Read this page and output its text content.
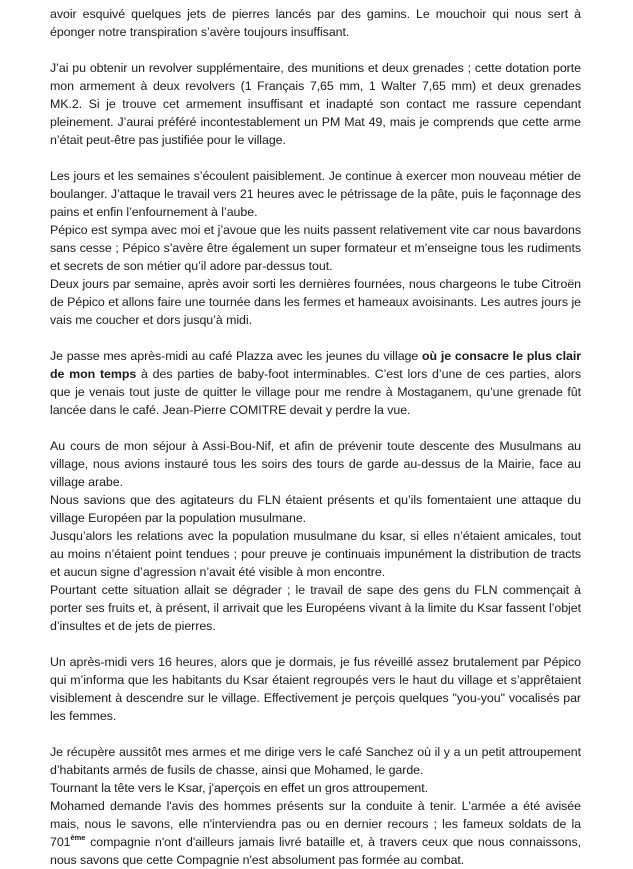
avoir esquivé quelques jets de pierres lancés par des gamins. Le mouchoir qui nous sert à éponger notre transpiration s’avère toujours insuffisant.

J’ai pu obtenir un revolver supplémentaire, des munitions et deux grenades ; cette dotation porte mon armement à deux revolvers (1 Français 7,65 mm, 1 Walter 7,65 mm) et deux grenades MK.2. Si je trouve cet armement insuffisant et inadapté son contact me rassure cependant pleinement. J’aurai préféré incontestablement un PM Mat 49, mais je comprends que cette arme n’était peut-être pas justifiée pour le village.

Les jours et les semaines s’écoulent paisiblement. Je continue à exercer mon nouveau métier de boulanger. J’attaque le travail vers 21 heures avec le pétrissage de la pâte, puis le façonnage des pains et enfin l’enfournement à l’aube.
Pépico est sympa avec moi et j’avoue que les nuits passent relativement vite car nous bavardons sans cesse ; Pépico s’avère être également un super formateur et m’enseigne tous les rudiments et secrets de son métier qu’il adore par-dessus tout.
Deux jours par semaine, après avoir sorti les dernières fournées, nous chargeons le tube Citroën de Pépico et allons faire une tournée dans les fermes et hameaux avoisinants. Les autres jours je vais me coucher et dors jusqu’à midi.

Je passe mes après-midi au café Plazza avec les jeunes du village où je consacre le plus clair de mon temps à des parties de baby-foot interminables. C’est lors d’une de ces parties, alors que je venais tout juste de quitter le village pour me rendre à Mostaganem, qu’une grenade fût lancée dans le café. Jean-Pierre COMITRE devait y perdre la vue.

Au cours de mon séjour à Assi-Bou-Nif, et afin de prévenir toute descente des Musulmans au village, nous avions instauré tous les soirs des tours de garde au-dessus de la Mairie, face au village arabe.
Nous savions que des agitateurs du FLN étaient présents et qu’ils fomentaient une attaque du village Européen par la population musulmane.
Jusqu’alors les relations avec la population musulmane du ksar, si elles n’étaient amicales, tout au moins n’étaient point tendues ; pour preuve je continuais impunément la distribution de tracts et aucun signe d’agression n’avait été visible à mon encontre.
Pourtant cette situation allait se dégrader ; le travail de sape des gens du FLN commençait à porter ses fruits et, à présent, il arrivait que les Européens vivant à la limite du Ksar fassent l’objet d’insultes et de jets de pierres.

Un après-midi vers 16 heures, alors que je dormais, je fus réveillé assez brutalement par Pépico qui m’informa que les habitants du Ksar étaient regroupés vers le haut du village et s’apprêtaient visiblement à descendre sur le village. Effectivement je perçois quelques "you-you" vocalisés par les femmes.

Je récupère aussitôt mes armes et me dirige vers le café Sanchez où il y a un petit attroupement d’habitants armés de fusils de chasse, ainsi que Mohamed, le garde.
Tournant la tête vers le Ksar, j'aperçois en effet un gros attroupement.
Mohamed demande l'avis des hommes présents sur la conduite à tenir. L'armée a été avisée mais, nous le savons, elle n'interviendra pas ou en dernier recours ; les fameux soldats de la 701ème compagnie n'ont d'ailleurs jamais livré bataille et, à travers ceux que nous connaissons, nous savons que cette Compagnie n'est absolument pas formée au combat.
